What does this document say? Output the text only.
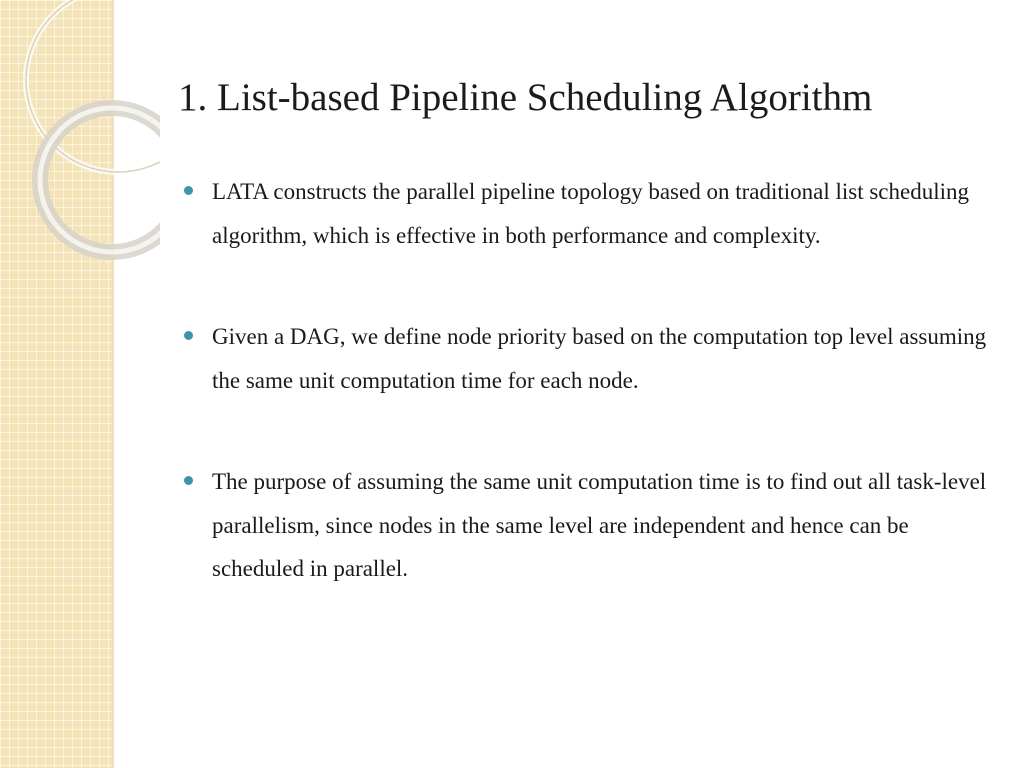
1. List-based Pipeline Scheduling Algorithm
LATA constructs the parallel pipeline topology based on traditional list scheduling algorithm, which is effective in both performance and complexity.
Given a DAG, we define node priority based on the computation top level assuming the same unit computation time for each node.
The purpose of assuming the same unit computation time is to find out all task-level parallelism, since nodes in the same level are independent and hence can be scheduled in parallel.
